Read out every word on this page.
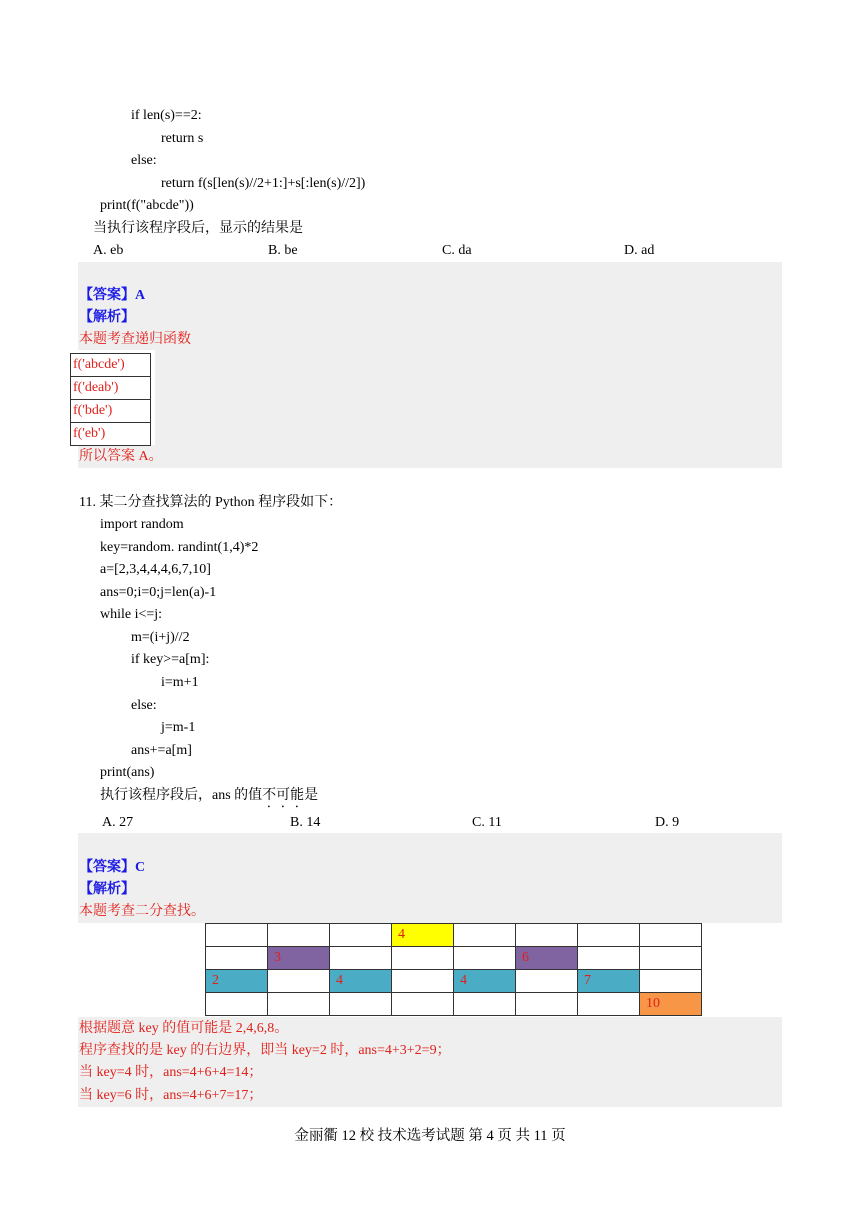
if len(s)==2:
return s
else:
return f(s[len(s)//2+1:]+s[:len(s)//2])
print(f("abcde"))
当执行该程序段后，显示的结果是
A. eb	B. be	C. da	D. ad
【答案】A
【解析】
本题考查递归函数
f('abcde')
f('deab')
f('bde')
f('eb')
所以答案 A。
11. 某二分查找算法的 Python 程序段如下：
import random
key=random. randint(1,4)*2
a=[2,3,4,4,4,6,7,10]
ans=0;i=0;j=len(a)-1
while i<=j:
m=(i+j)//2
if key>=a[m]:
i=m+1
else:
j=m-1
ans+=a[m]
print(ans)
执行该程序段后，ans 的值不可能是
A. 27	B. 14	C. 11	D. 9
【答案】C
【解析】
本题考查二分查找。
			4				
	3				6		
2		4		4		7	
							10
根据题意 key 的值可能是 2,4,6,8。
程序查找的是 key 的右边界，即当 key=2 时，ans=4+3+2=9；
当 key=4 时，ans=4+6+4=14；
当 key=6 时，ans=4+6+7=17；
金丽衢 12 校 技术选考试题 第 4 页 共 11 页
